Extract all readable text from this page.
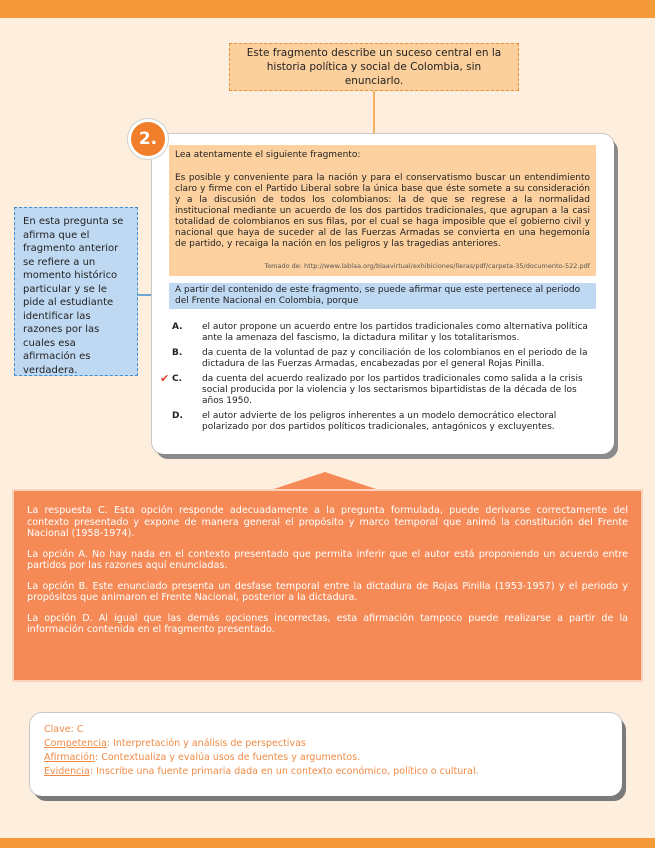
Este fragmento describe un suceso central en la historia política y social de Colombia, sin enunciarlo.
En esta pregunta se afirma que el fragmento anterior se refiere a un momento histórico particular y se le pide al estudiante identificar las razones por las cuales esa afirmación es verdadera.
2.
Lea atentamente el siguiente fragmento:
Es posible y conveniente para la nación y para el conservatismo buscar un entendimiento claro y firme con el Partido Liberal sobre la única base que éste somete a su consideración y a la discusión de todos los colombianos: la de que se regrese a la normalidad institucional mediante un acuerdo de los dos partidos tradicionales, que agrupan a la casi totalidad de colombianos en sus filas, por el cual se haga imposible que el gobierno civil y nacional que haya de suceder al de las Fuerzas Armadas se convierta en una hegemonía de partido, y recaiga la nación en los peligros y las tragedias anteriores.
Tomado de: http://www.lablaa.org/blaavirtual/exhibiciones/lleras/pdf/carpeta-35/documento-522.pdf
A partir del contenido de este fragmento, se puede afirmar que este pertenece al periodo del Frente Nacional en Colombia, porque
A.	el autor propone un acuerdo entre los partidos tradicionales como alternativa política ante la amenaza del fascismo, la dictadura militar y los totalitarismos.
B.	da cuenta de la voluntad de paz y conciliación de los colombianos en el periodo de la dictadura de las Fuerzas Armadas, encabezadas por el general Rojas Pinilla.
✔ C.	da cuenta del acuerdo realizado por los partidos tradicionales como salida a la crisis social producida por la violencia y los sectarismos bipartidistas de la década de los años 1950.
D.	el autor advierte de los peligros inherentes a un modelo democrático electoral polarizado por dos partidos políticos tradicionales, antagónicos y excluyentes.

La respuesta C. Esta opción responde adecuadamente a la pregunta formulada, puede derivarse correctamente del contexto presentado y expone de manera general el propósito y marco temporal que animó la constitución del Frente Nacional (1958-1974).

La opción A. No hay nada en el contexto presentado que permita inferir que el autor está proponiendo un acuerdo entre partidos por las razones aquí enunciadas.

La opción B. Este enunciado presenta un desfase temporal entre la dictadura de Rojas Pinilla (1953-1957) y el periodo y propósitos que animaron el Frente Nacional, posterior a la dictadura.

La opción D. Al igual que las demás opciones incorrectas, esta afirmación tampoco puede realizarse a partir de la información contenida en el fragmento presentado.

Clave: C
Competencia: Interpretación y análisis de perspectivas
Afirmación: Contextualiza y evalúa usos de fuentes y argumentos.
Evidencia: Inscribe una fuente primaria dada en un contexto económico, político o cultural.
